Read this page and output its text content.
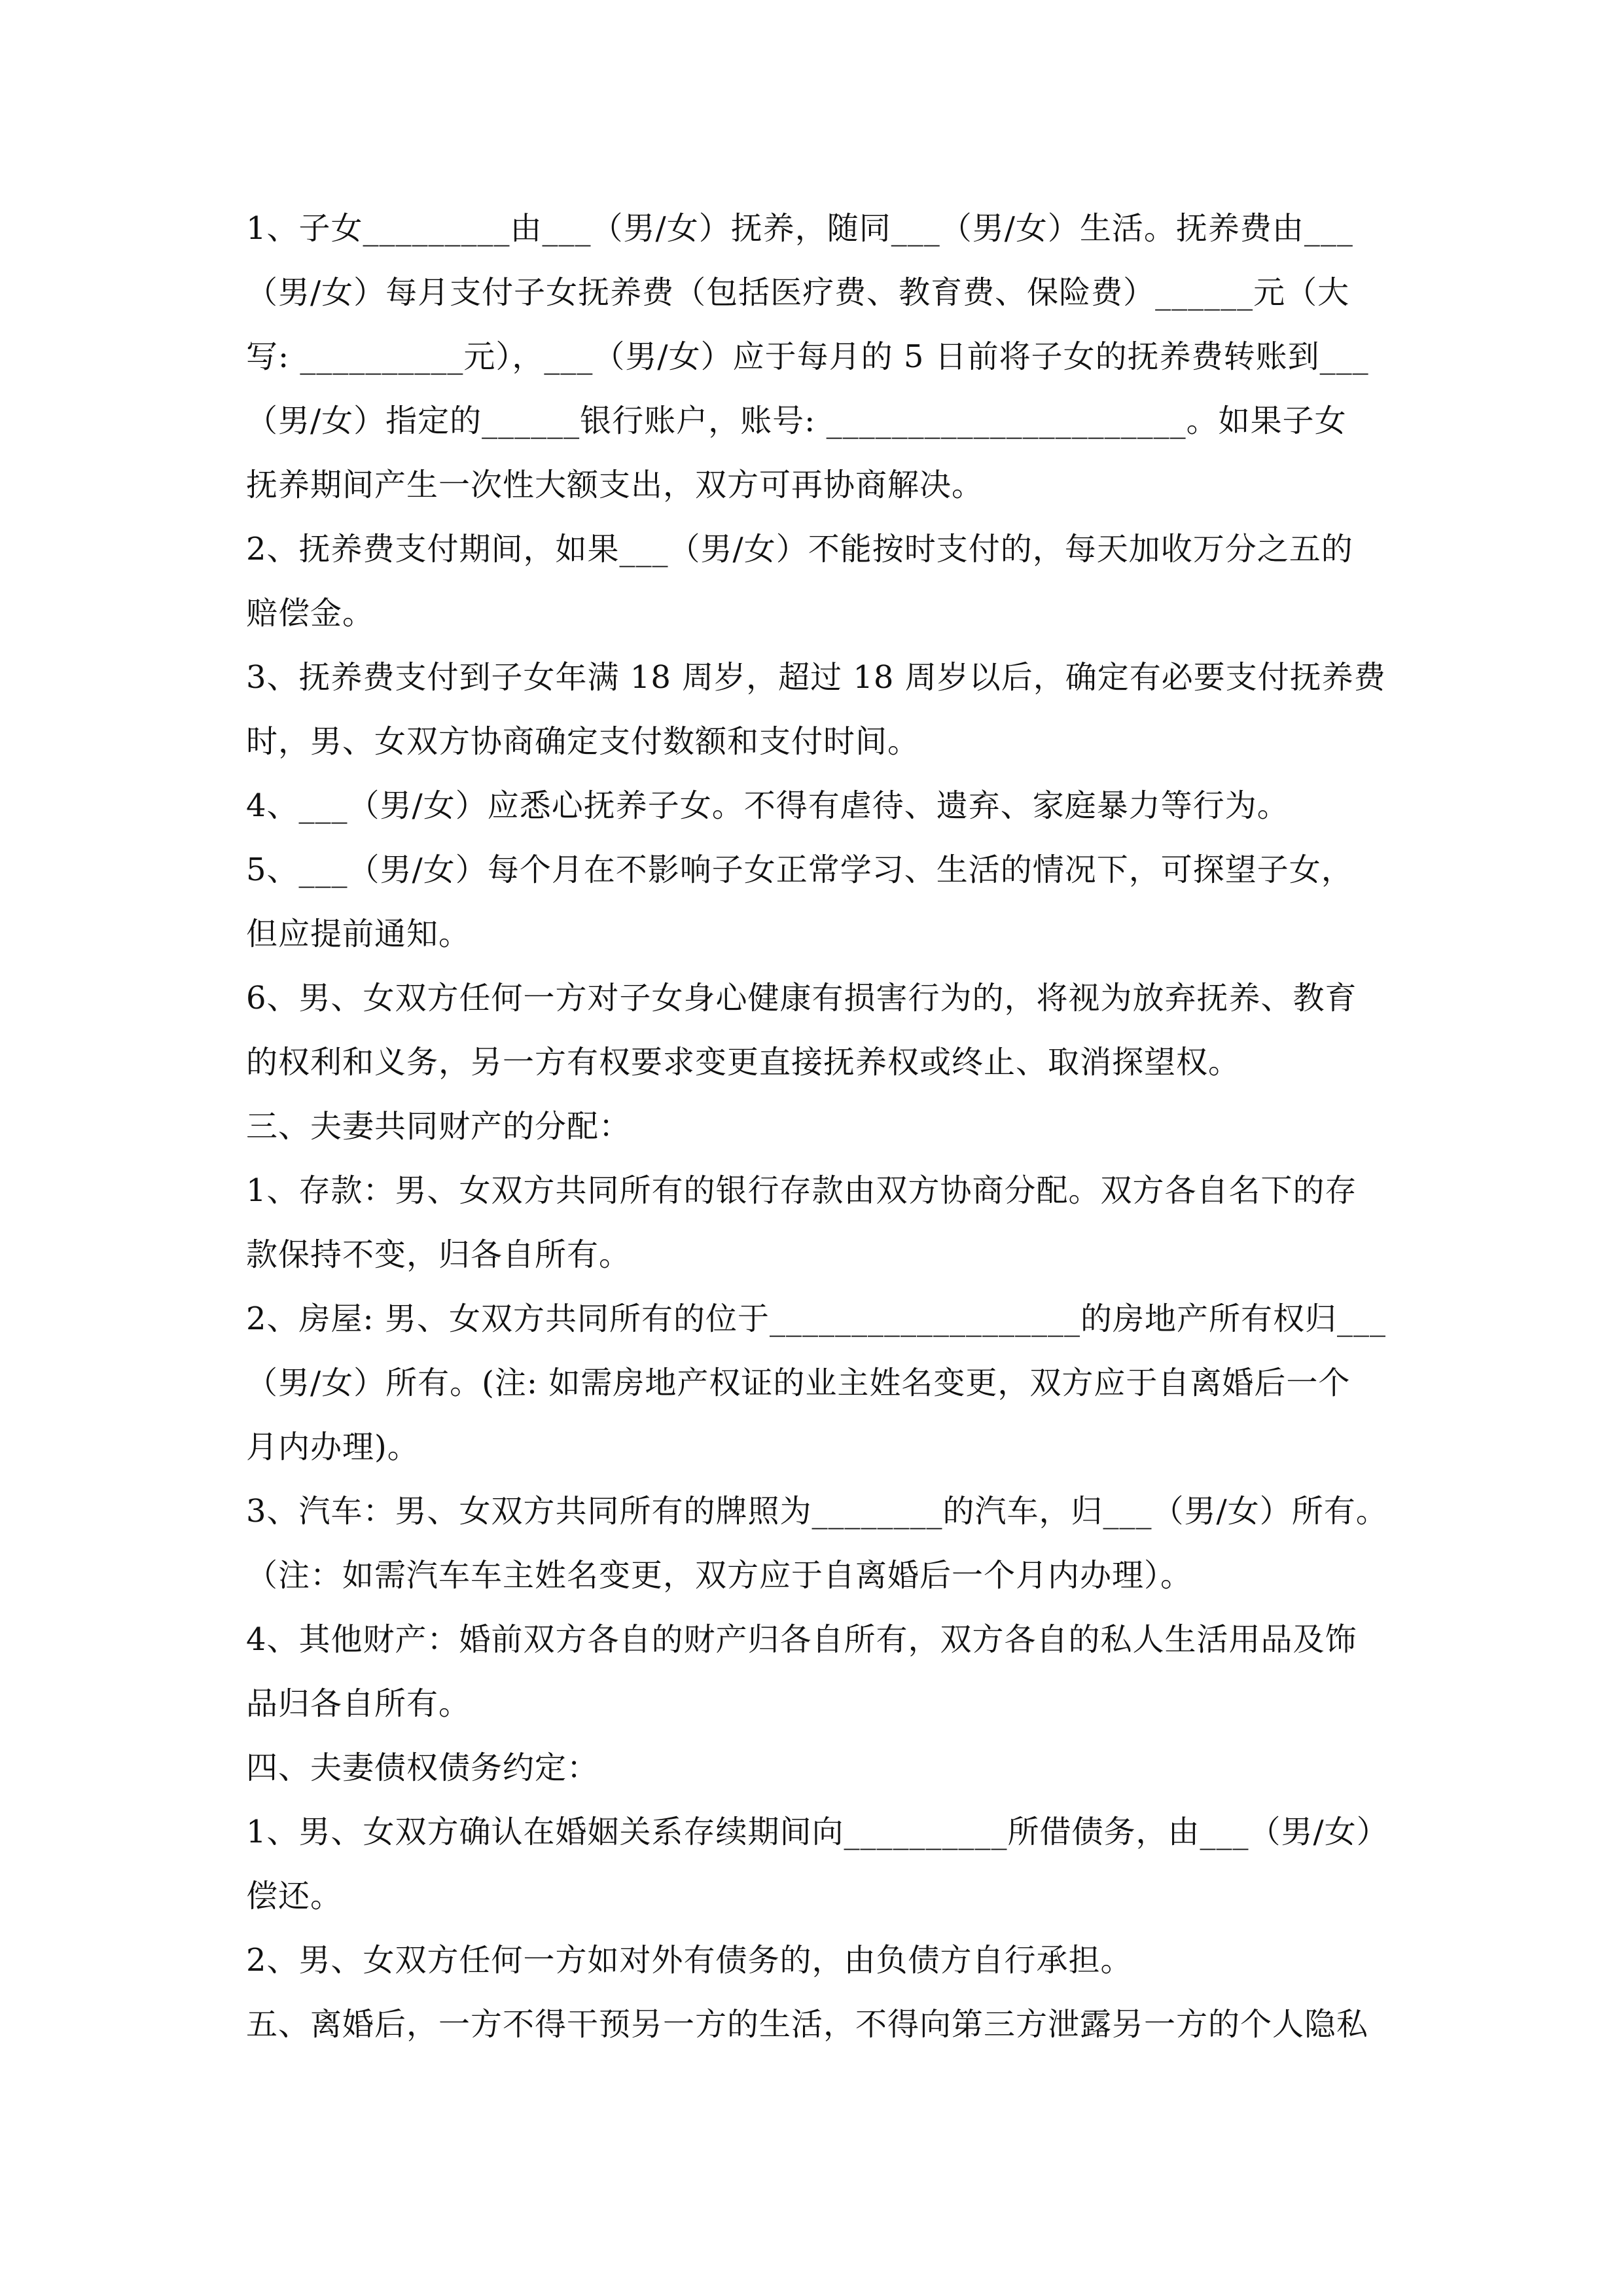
1、子女_________由___（男/女）抚养，随同___（男/女）生活。抚养费由___
（男/女）每月支付子女抚养费（包括医疗费、教育费、保险费）______元（大
写: __________元），___（男/女）应于每月的 5 日前将子女的抚养费转账到___
（男/女）指定的______银行账户，账号: ______________________。如果子女
抚养期间产生一次性大额支出，双方可再协商解决。
2、抚养费支付期间，如果___（男/女）不能按时支付的，每天加收万分之五的
赔偿金。
3、抚养费支付到子女年满 18 周岁，超过 18 周岁以后，确定有必要支付抚养费
时，男、女双方协商确定支付数额和支付时间。
4、___（男/女）应悉心抚养子女。不得有虐待、遗弃、家庭暴力等行为。
5、___（男/女）每个月在不影响子女正常学习、生活的情况下，可探望子女，
但应提前通知。
6、男、女双方任何一方对子女身心健康有损害行为的，将视为放弃抚养、教育
的权利和义务，另一方有权要求变更直接抚养权或终止、取消探望权。
三、夫妻共同财产的分配：
1、存款：男、女双方共同所有的银行存款由双方协商分配。双方各自名下的存
款保持不变，归各自所有。
2、房屋: 男、女双方共同所有的位于___________________的房地产所有权归___
（男/女）所有。(注: 如需房地产权证的业主姓名变更，双方应于自离婚后一个
月内办理)。
3、汽车：男、女双方共同所有的牌照为________的汽车，归___（男/女）所有。
（注：如需汽车车主姓名变更，双方应于自离婚后一个月内办理）。
4、其他财产：婚前双方各自的财产归各自所有，双方各自的私人生活用品及饰
品归各自所有。
四、夫妻债权债务约定：
1、男、女双方确认在婚姻关系存续期间向__________所借债务，由___（男/女）
偿还。
2、男、女双方任何一方如对外有债务的，由负债方自行承担。
五、离婚后，一方不得干预另一方的生活，不得向第三方泄露另一方的个人隐私
